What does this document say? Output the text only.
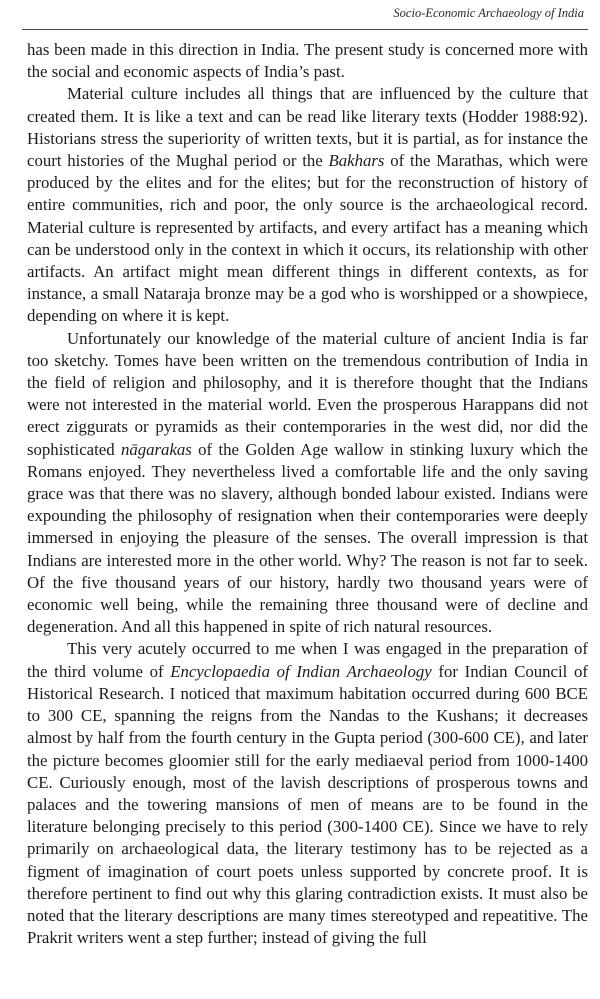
Socio-Economic Archaeology of India

has been made in this direction in India. The present study is concerned more with the social and economic aspects of India’s past.

Material culture includes all things that are influenced by the culture that created them. It is like a text and can be read like literary texts (Hodder 1988:92). Historians stress the superiority of written texts, but it is partial, as for instance the court histories of the Mughal period or the Bakhars of the Marathas, which were produced by the elites and for the elites; but for the reconstruction of history of entire communities, rich and poor, the only source is the archaeological record. Material culture is represented by artifacts, and every artifact has a meaning which can be understood only in the context in which it occurs, its relationship with other artifacts. An artifact might mean different things in different contexts, as for instance, a small Nataraja bronze may be a god who is worshipped or a showpiece, depending on where it is kept.

Unfortunately our knowledge of the material culture of ancient India is far too sketchy. Tomes have been written on the tremendous contribution of India in the field of religion and philosophy, and it is therefore thought that the Indians were not interested in the material world. Even the prosperous Harappans did not erect ziggurats or pyramids as their contemporaries in the west did, nor did the sophisticated nāgarakas of the Golden Age wallow in stinking luxury which the Romans enjoyed. They nevertheless lived a comfortable life and the only saving grace was that there was no slavery, although bonded labour existed. Indians were expounding the philosophy of resignation when their contemporaries were deeply immersed in enjoying the pleasure of the senses. The overall impression is that Indians are interested more in the other world. Why? The reason is not far to seek. Of the five thousand years of our history, hardly two thousand years were of economic well being, while the remaining three thousand were of decline and degeneration. And all this happened in spite of rich natural resources.

This very acutely occurred to me when I was engaged in the preparation of the third volume of Encyclopaedia of Indian Archaeology for Indian Council of Historical Research. I noticed that maximum habitation occurred during 600 BCE to 300 CE, spanning the reigns from the Nandas to the Kushans; it decreases almost by half from the fourth century in the Gupta period (300-600 CE), and later the picture becomes gloomier still for the early mediaeval period from 1000-1400 CE. Curiously enough, most of the lavish descriptions of prosperous towns and palaces and the towering mansions of men of means are to be found in the literature belonging precisely to this period (300-1400 CE). Since we have to rely primarily on archaeological data, the literary testimony has to be rejected as a figment of imagination of court poets unless supported by concrete proof. It is therefore pertinent to find out why this glaring contradiction exists. It must also be noted that the literary descriptions are many times stereotyped and repeatitive. The Prakrit writers went a step further; instead of giving the full
